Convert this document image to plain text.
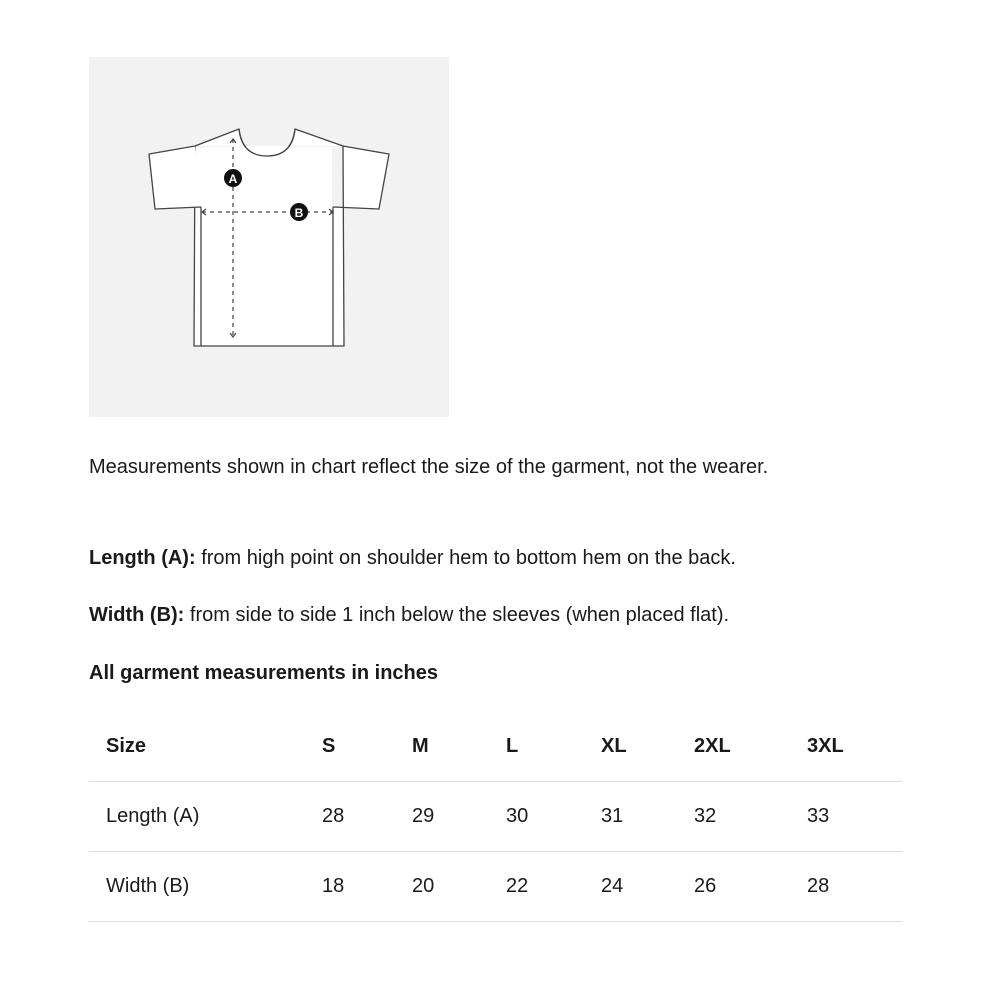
A
B

Measurements shown in chart reflect the size of the garment, not the wearer.

Length (A): from high point on shoulder hem to bottom hem on the back.

Width (B): from side to side 1 inch below the sleeves (when placed flat).

All garment measurements in inches

Size	S	M	L	XL	2XL	3XL
Length (A)	28	29	30	31	32	33
Width (B)	18	20	22	24	26	28
